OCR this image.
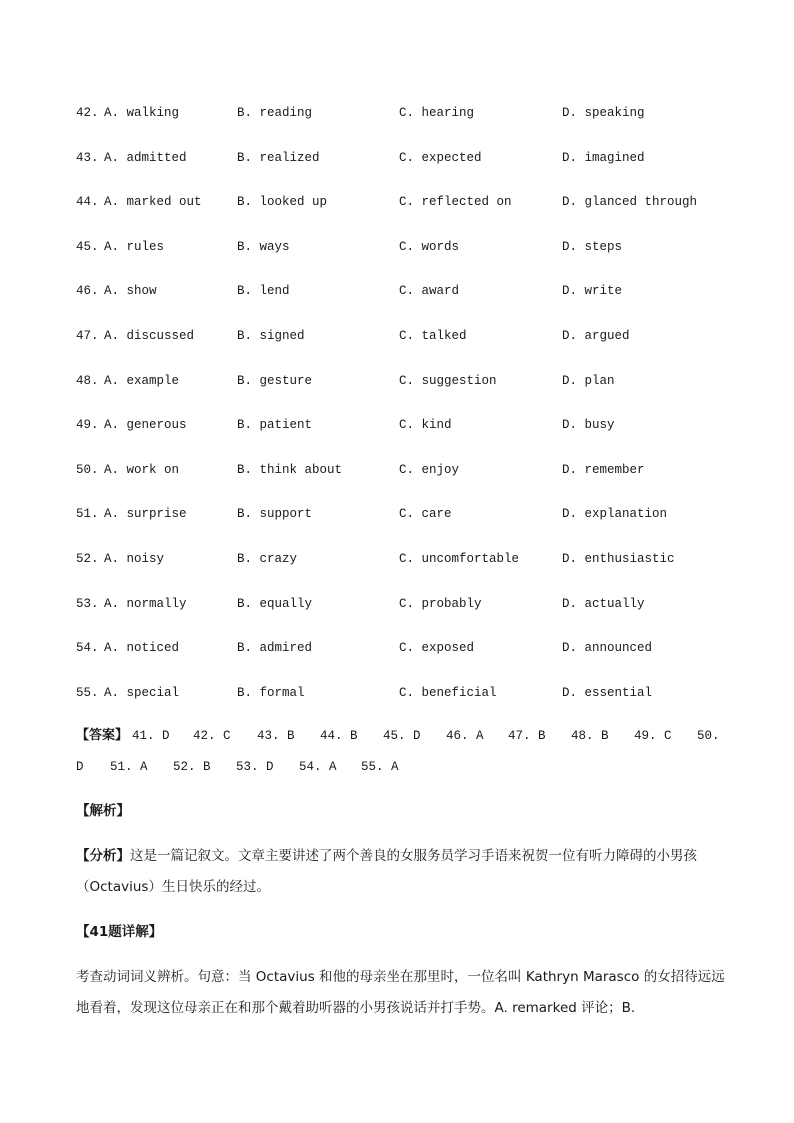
42. A. walking	B. reading	C. hearing	D. speaking
43. A. admitted	B. realized	C. expected	D. imagined
44. A. marked out	B. looked up	C. reflected on	D. glanced through
45. A. rules	B. ways	C. words	D. steps
46. A. show	B. lend	C. award	D. write
47. A. discussed	B. signed	C. talked	D. argued
48. A. example	B. gesture	C. suggestion	D. plan
49. A. generous	B. patient	C. kind	D. busy
50. A. work on	B. think about	C. enjoy	D. remember
51. A. surprise	B. support	C. care	D. explanation
52. A. noisy	B. crazy	C. uncomfortable	D. enthusiastic
53. A. normally	B. equally	C. probably	D. actually
54. A. noticed	B. admired	C. exposed	D. announced
55. A. special	B. formal	C. beneficial	D. essential
【答案】 41. D 42. C 43. B 44. B 45. D 46. A 47. B 48. B 49. C 50.
D 51. A 52. B 53. D 54. A 55. A
【解析】
【分析】这是一篇记叙文。文章主要讲述了两个善良的女服务员学习手语来祝贺一位有听力障碍的小男孩
（Octavius）生日快乐的经过。
【41题详解】
考查动词词义辨析。句意：当 Octavius 和他的母亲坐在那里时，一位名叫 Kathryn Marasco 的女招待远远
地看着，发现这位母亲正在和那个戴着助听器的小男孩说话并打手势。A. remarked 评论；B.
